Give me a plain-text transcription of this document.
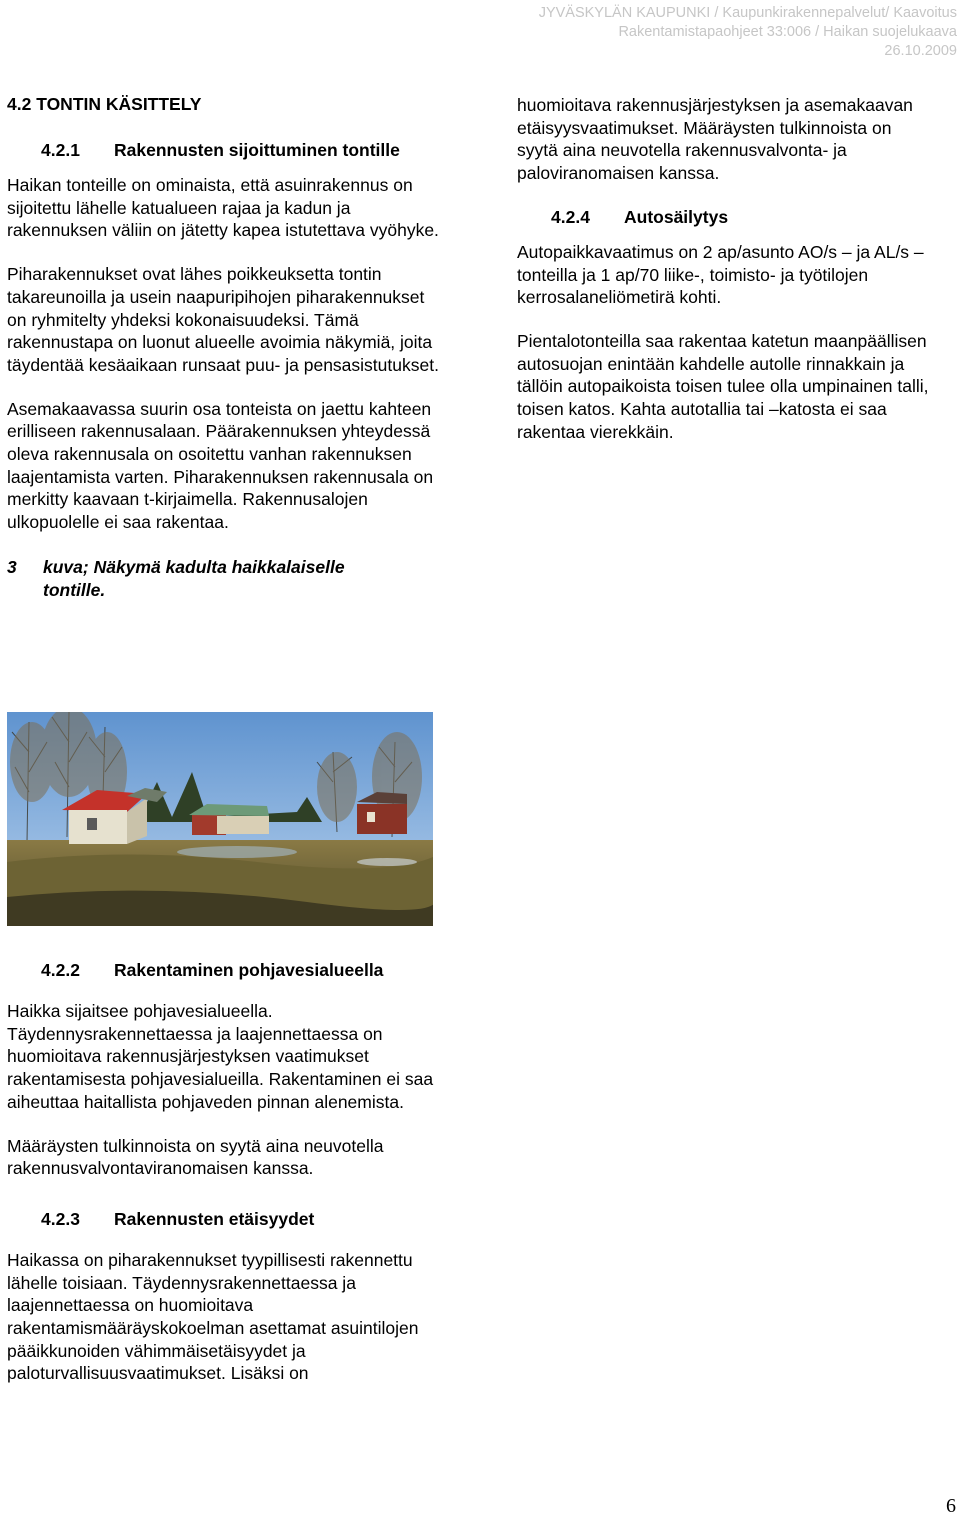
JYVÄSKYLÄN KAUPUNKI / Kaupunkirakennepalvelut/ Kaavoitus
Rakentamistapaohjeet 33:006 / Haikan suojelukaava
26.10.2009
4.2 TONTIN KÄSITTELY
4.2.1	Rakennusten sijoittuminen tontille

Haikan tonteille on ominaista, että asuinrakennus on sijoitettu lähelle katualueen rajaa ja kadun ja rakennuksen väliin on jätetty kapea istutettava vyöhyke.

Piharakennukset ovat lähes poikkeuksetta tontin takareunoilla ja usein naapuripihojen piharakennukset on ryhmitelty yhdeksi kokonaisuudeksi. Tämä rakennustapa on luonut alueelle avoimia näkymiä, joita täydentää kesäaikaan runsaat puu- ja pensasistutukset.

Asemakaavassa suurin osa tonteista on jaettu kahteen erilliseen rakennusalaan. Päärakennuksen yhteydessä oleva rakennusala on osoitettu vanhan rakennuksen laajentamista varten. Piharakennuksen rakennusala on merkitty kaavaan t-kirjaimella. Rakennusalojen ulkopuolelle ei saa rakentaa.

3	kuva; Näkymä kadulta haikkalaiselle tontille.
4.2.2	Rakentaminen pohjavesialueella

Haikka sijaitsee pohjavesialueella. Täydennysrakennettaessa ja laajennettaessa on huomioitava rakennusjärjestyksen vaatimukset rakentamisesta pohjavesialueilla. Rakentaminen ei saa aiheuttaa haitallista pohjaveden pinnan alenemista.

Määräysten tulkinnoista on syytä aina neuvotella rakennusvalvontaviranomaisen kanssa.

4.2.3	Rakennusten etäisyydet

Haikassa on piharakennukset tyypillisesti rakennettu lähelle toisiaan. Täydennysrakennettaessa ja laajennettaessa on huomioitava rakentamismääräyskokoelman asettamat asuintilojen pääikkunoiden vähimmäisetäisyydet ja paloturvallisuusvaatimukset. Lisäksi on

huomioitava rakennusjärjestyksen ja asemakaavan etäisyysvaatimukset. Määräysten tulkinnoista on syytä aina neuvotella rakennusvalvonta- ja paloviranomaisen kanssa.

4.2.4	Autosäilytys

Autopaikkavaatimus on 2 ap/asunto AO/s – ja AL/s –tonteilla ja 1 ap/70 liike-, toimisto- ja työtilojen kerrosalaneliömetirä kohti.

Pientalotonteilla saa rakentaa katetun maanpäällisen autosuojan enintään kahdelle autolle rinnakkain ja tällöin autopaikoista toisen tulee olla umpinainen talli, toisen katos. Kahta autotallia tai –katosta ei saa rakentaa vierekkäin.

6
